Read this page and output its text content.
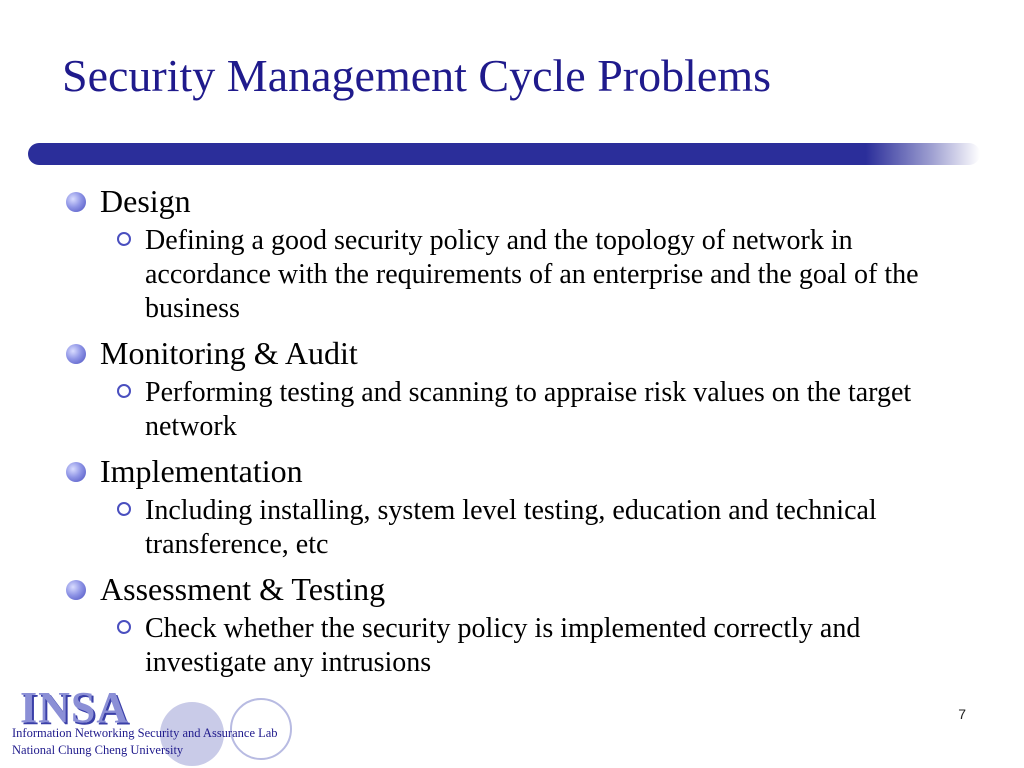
Security Management Cycle Problems
Design
Defining a good security policy and the topology of network in accordance with the requirements of an enterprise and the goal of the business
Monitoring & Audit
Performing testing and scanning to appraise risk values on the target network
Implementation
Including installing, system level testing, education and technical transference, etc
Assessment & Testing
Check whether the security policy is implemented correctly and investigate any intrusions
INSA
Information Networking Security and Assurance Lab
National Chung Cheng University
7
